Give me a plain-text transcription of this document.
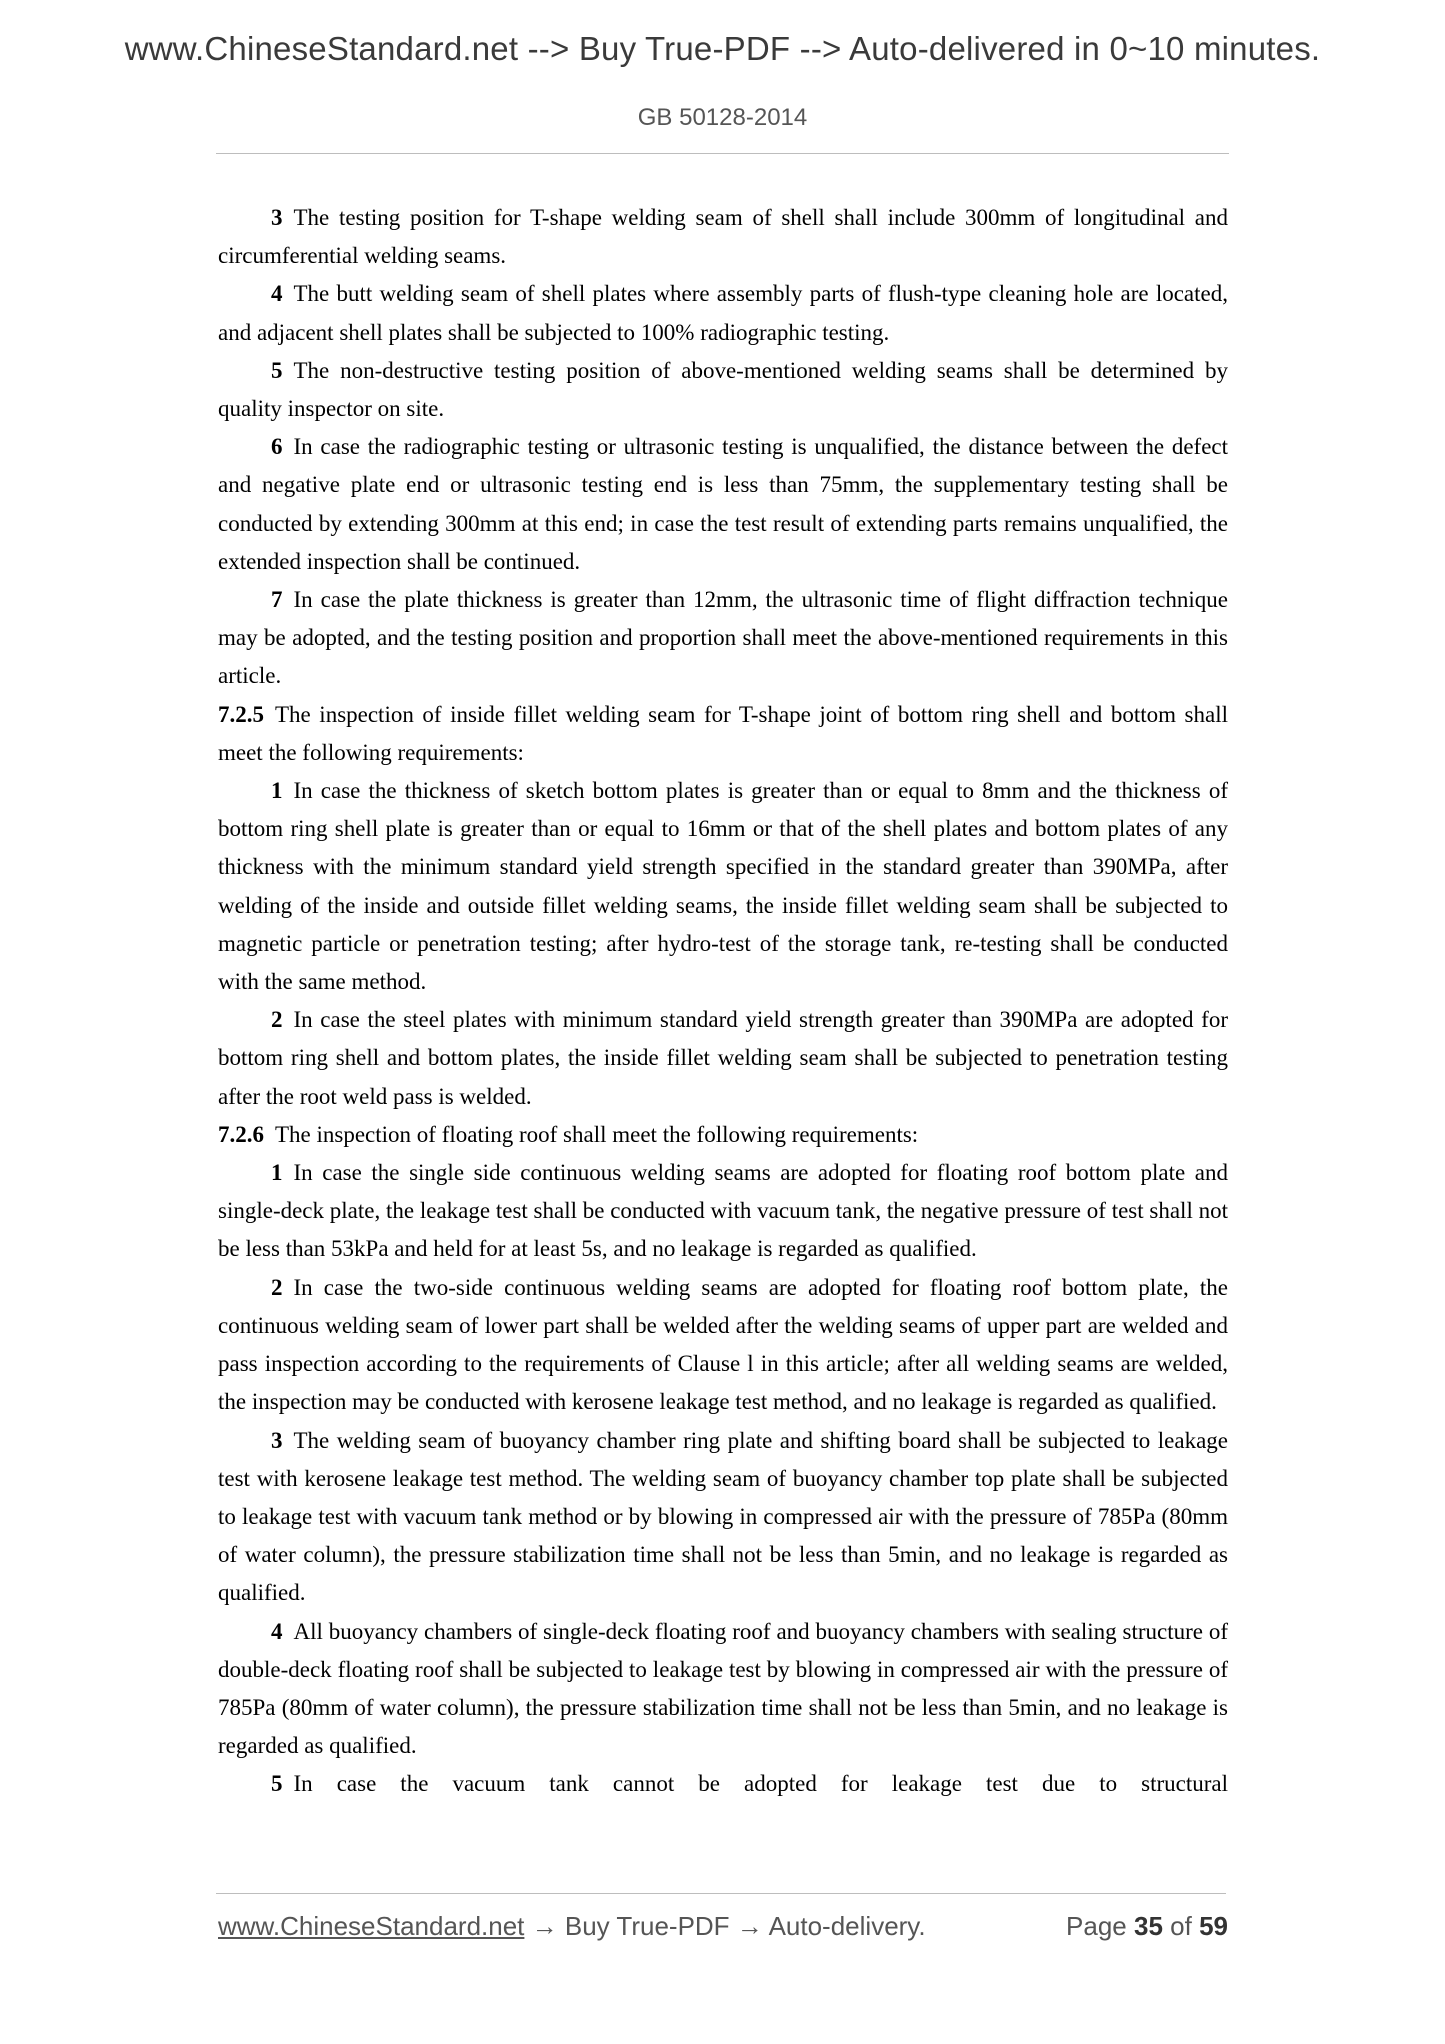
www.ChineseStandard.net --> Buy True-PDF --> Auto-delivered in 0~10 minutes.
GB 50128-2014

3 The testing position for T-shape welding seam of shell shall include 300mm of longitudinal and circumferential welding seams.

4 The butt welding seam of shell plates where assembly parts of flush-type cleaning hole are located, and adjacent shell plates shall be subjected to 100% radiographic testing.

5 The non-destructive testing position of above-mentioned welding seams shall be determined by quality inspector on site.

6 In case the radiographic testing or ultrasonic testing is unqualified, the distance between the defect and negative plate end or ultrasonic testing end is less than 75mm, the supplementary testing shall be conducted by extending 300mm at this end; in case the test result of extending parts remains unqualified, the extended inspection shall be continued.

7 In case the plate thickness is greater than 12mm, the ultrasonic time of flight diffraction technique may be adopted, and the testing position and proportion shall meet the above-mentioned requirements in this article.

7.2.5 The inspection of inside fillet welding seam for T-shape joint of bottom ring shell and bottom shall meet the following requirements:

1 In case the thickness of sketch bottom plates is greater than or equal to 8mm and the thickness of bottom ring shell plate is greater than or equal to 16mm or that of the shell plates and bottom plates of any thickness with the minimum standard yield strength specified in the standard greater than 390MPa, after welding of the inside and outside fillet welding seams, the inside fillet welding seam shall be subjected to magnetic particle or penetration testing; after hydro-test of the storage tank, re-testing shall be conducted with the same method.

2 In case the steel plates with minimum standard yield strength greater than 390MPa are adopted for bottom ring shell and bottom plates, the inside fillet welding seam shall be subjected to penetration testing after the root weld pass is welded.

7.2.6 The inspection of floating roof shall meet the following requirements:

1 In case the single side continuous welding seams are adopted for floating roof bottom plate and single-deck plate, the leakage test shall be conducted with vacuum tank, the negative pressure of test shall not be less than 53kPa and held for at least 5s, and no leakage is regarded as qualified.

2 In case the two-side continuous welding seams are adopted for floating roof bottom plate, the continuous welding seam of lower part shall be welded after the welding seams of upper part are welded and pass inspection according to the requirements of Clause l in this article; after all welding seams are welded, the inspection may be conducted with kerosene leakage test method, and no leakage is regarded as qualified.

3 The welding seam of buoyancy chamber ring plate and shifting board shall be subjected to leakage test with kerosene leakage test method. The welding seam of buoyancy chamber top plate shall be subjected to leakage test with vacuum tank method or by blowing in compressed air with the pressure of 785Pa (80mm of water column), the pressure stabilization time shall not be less than 5min, and no leakage is regarded as qualified.

4 All buoyancy chambers of single-deck floating roof and buoyancy chambers with sealing structure of double-deck floating roof shall be subjected to leakage test by blowing in compressed air with the pressure of 785Pa (80mm of water column), the pressure stabilization time shall not be less than 5min, and no leakage is regarded as qualified.

5 In case the vacuum tank cannot be adopted for leakage test due to structural

www.ChineseStandard.net → Buy True-PDF → Auto-delivery.	Page 35 of 59
